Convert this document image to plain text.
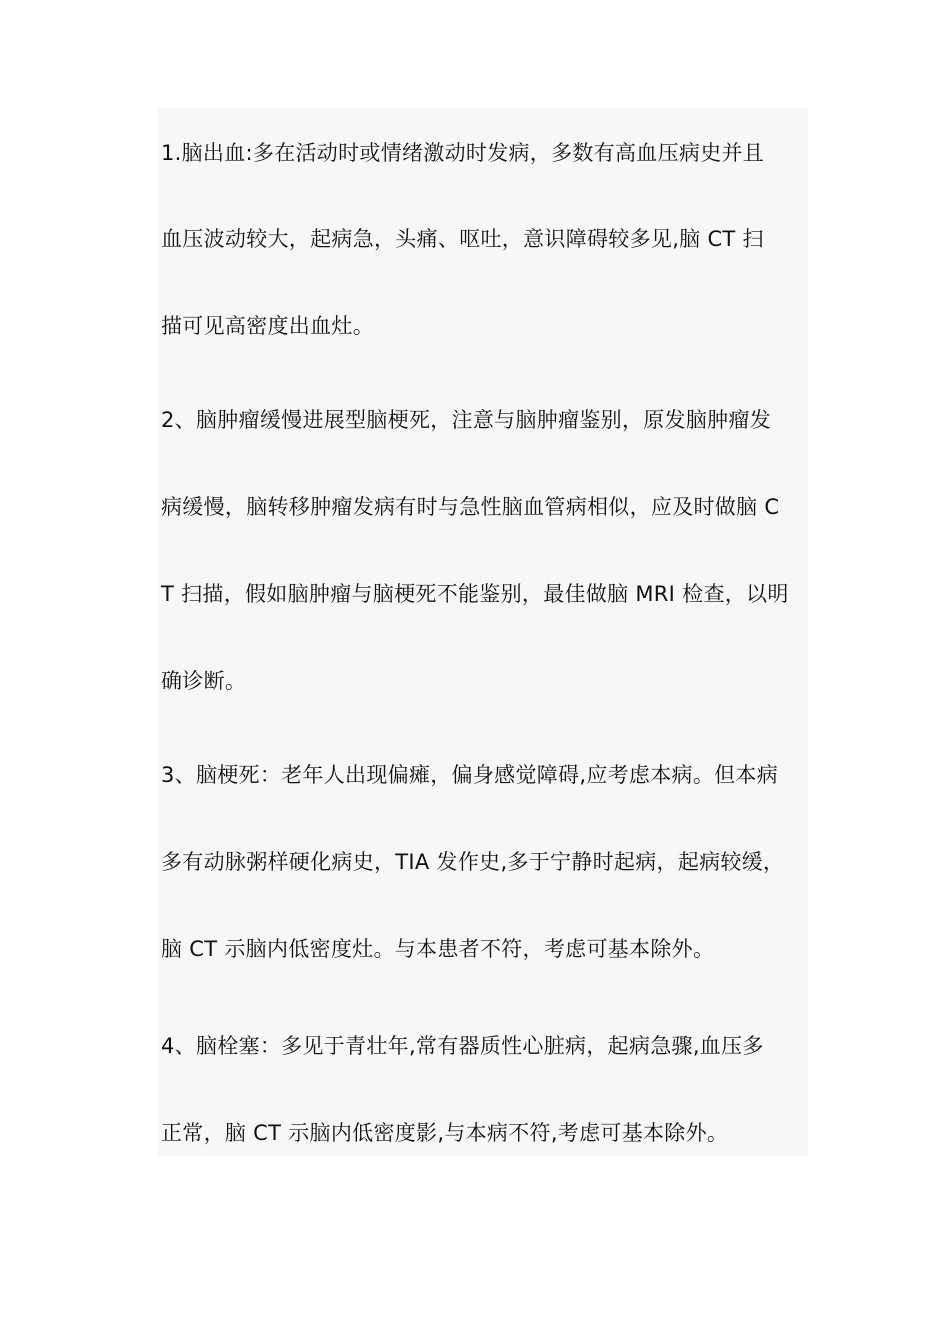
1.脑出血:多在活动时或情绪激动时发病，多数有高血压病史并且
血压波动较大，起病急，头痛、呕吐，意识障碍较多见,脑 CT 扫
描可见高密度出血灶。
2、脑肿瘤缓慢进展型脑梗死，注意与脑肿瘤鉴别，原发脑肿瘤发
病缓慢，脑转移肿瘤发病有时与急性脑血管病相似，应及时做脑 C
T 扫描，假如脑肿瘤与脑梗死不能鉴别，最佳做脑 MRI 检查，以明
确诊断。
3、脑梗死：老年人出现偏瘫，偏身感觉障碍,应考虑本病。但本病
多有动脉粥样硬化病史，TIA 发作史,多于宁静时起病，起病较缓，
脑 CT 示脑内低密度灶。与本患者不符，考虑可基本除外。
4、脑栓塞：多见于青壮年,常有器质性心脏病，起病急骤,血压多
正常，脑 CT 示脑内低密度影,与本病不符,考虑可基本除外。
